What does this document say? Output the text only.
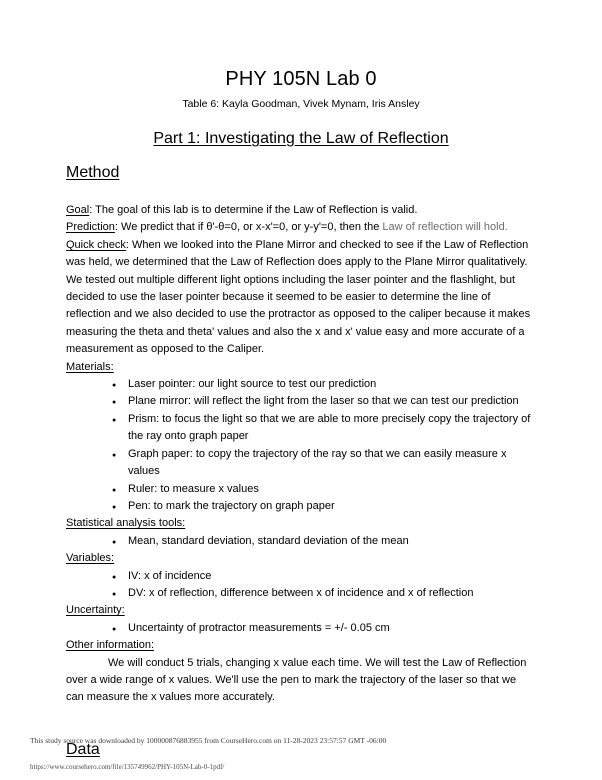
PHY 105N Lab 0

Table 6: Kayla Goodman, Vivek Mynam, Iris Ansley

Part 1: Investigating the Law of Reflection
Method

Goal: The goal of this lab is to determine if the Law of Reflection is valid.

Prediction: We predict that if θ'-θ=0, or x-x'=0, or y-y'=0, then the Law of reflection will hold.

Quick check: When we looked into the Plane Mirror and checked to see if the Law of Reflection was held, we determined that the Law of Reflection does apply to the Plane Mirror qualitatively. We tested out multiple different light options including the laser pointer and the flashlight, but decided to use the laser pointer because it seemed to be easier to determine the line of reflection and we also decided to use the protractor as opposed to the caliper because it makes measuring the theta and theta' values and also the x and x' value easy and more accurate of a measurement as opposed to the Caliper.

Materials:

● Laser pointer: our light source to test our prediction
● Plane mirror: will reflect the light from the laser so that we can test our prediction
● Prism: to focus the light so that we are able to more precisely copy the trajectory of the ray onto graph paper
● Graph paper: to copy the trajectory of the ray so that we can easily measure x values
● Ruler: to measure x values
● Pen: to mark the trajectory on graph paper

Statistical analysis tools:

● Mean, standard deviation, standard deviation of the mean

Variables:

● IV: x of incidence
● DV: x of reflection, difference between x of incidence and x of reflection

Uncertainty:

● Uncertainty of protractor measurements = +/- 0.05 cm

Other information:

We will conduct 5 trials, changing x value each time. We will test the Law of Reflection over a wide range of x values. We'll use the pen to mark the trajectory of the laser so that we can measure the x values more accurately.

Data
This study source was downloaded by 100000876883955 from CourseHero.com on 11-28-2023 23:57:57 GMT -06:00
https://www.coursehero.com/file/135749962/PHY-105N-Lab-0-1pdf/
